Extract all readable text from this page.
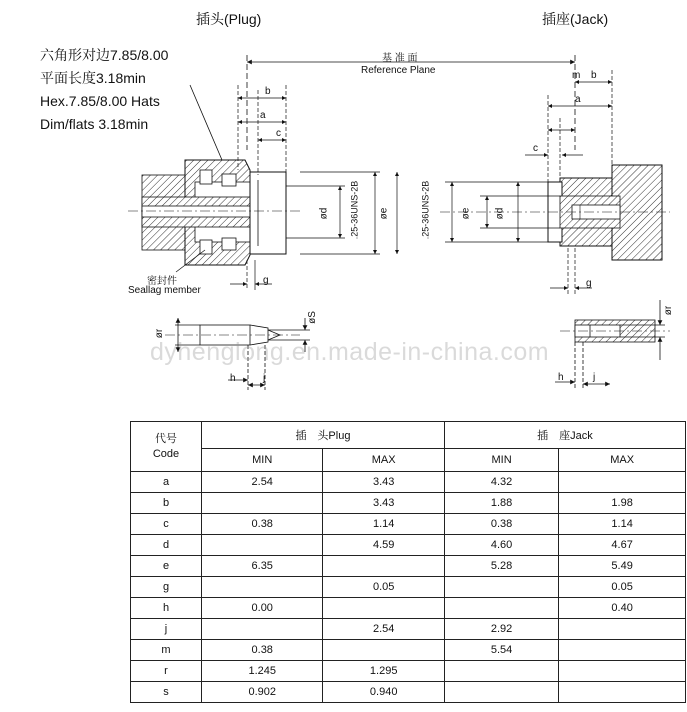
插头(Plug)	插座(Jack)
六角形对边7.85/8.00
平面长度3.18min
Hex.7.85/8.00 Hats
Dim/flats 3.18min
基 准 面
Reference Plane
b
a
c
ød	øe
.25-36UNS-2B
g
h	j
ør
øS
密封件
Seallag member
m b
a
c
øe ød
.25-36UNS-2B
g
h	j
ør
dyhenglong.en.made-in-china.com
代号
Code	插　头Plug		插　座Jack	
	MIN	MAX	MIN	MAX
a	2.54	3.43	4.32	
b		3.43	1.88	1.98
c	0.38	1.14	0.38	1.14
d		4.59	4.60	4.67
e	6.35		5.28	5.49
g		0.05		0.05
h	0.00			0.40
j		2.54	2.92	
m	0.38		5.54	
r	1.245	1.295		
s	0.902	0.940		
